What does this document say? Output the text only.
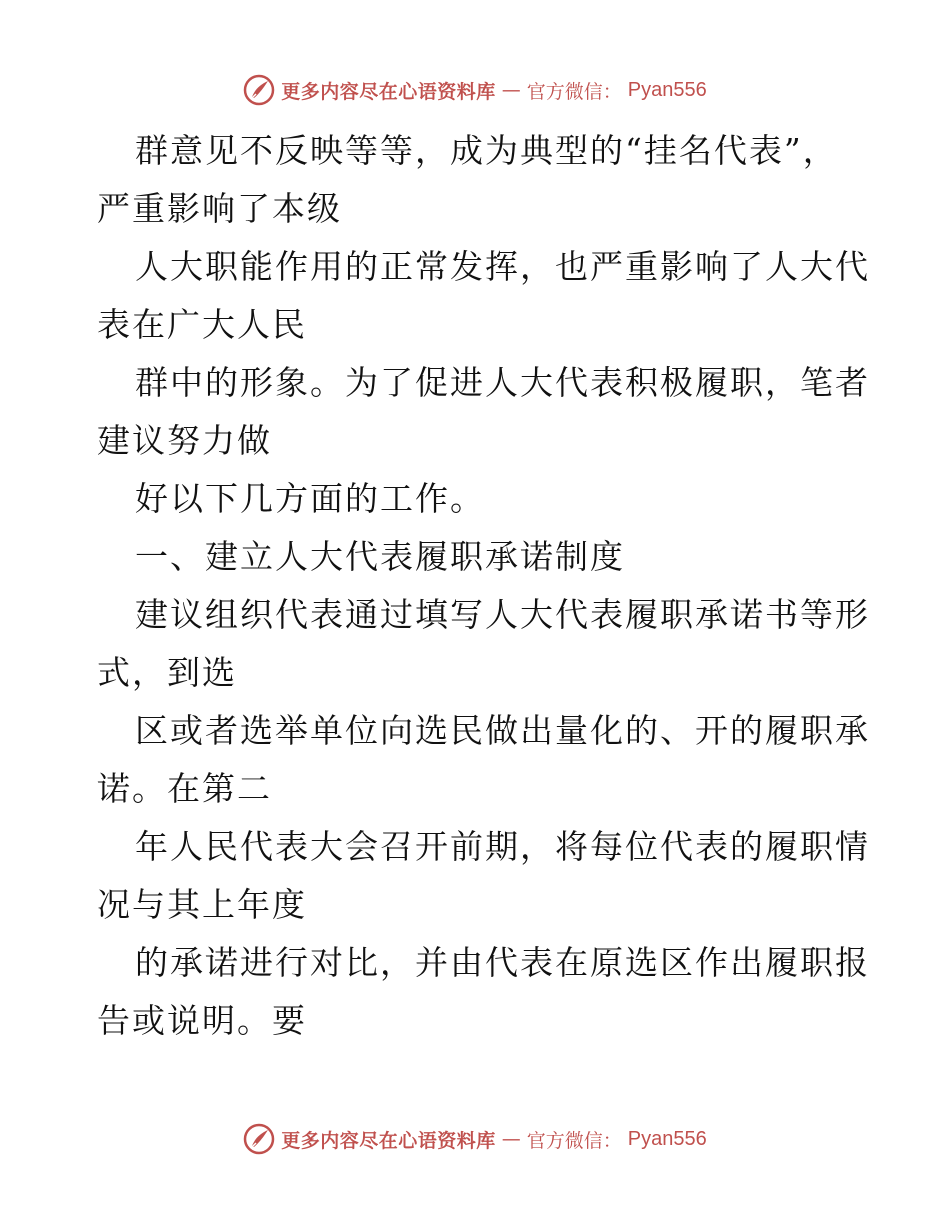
更多内容尽在心语资料库 — 官方微信： Pyan556
群意见不反映等等，成为典型的“挂名代表”，
严重影响了本级
人大职能作用的正常发挥，也严重影响了人大代
表在广大人民
群中的形象。为了促进人大代表积极履职，笔者
建议努力做
好以下几方面的工作。
一、建立人大代表履职承诺制度
建议组织代表通过填写人大代表履职承诺书等形
式，到选
区或者选举单位向选民做出量化的、开的履职承
诺。在第二
年人民代表大会召开前期，将每位代表的履职情
况与其上年度
的承诺进行对比，并由代表在原选区作出履职报
告或说明。要
更多内容尽在心语资料库 — 官方微信： Pyan556
